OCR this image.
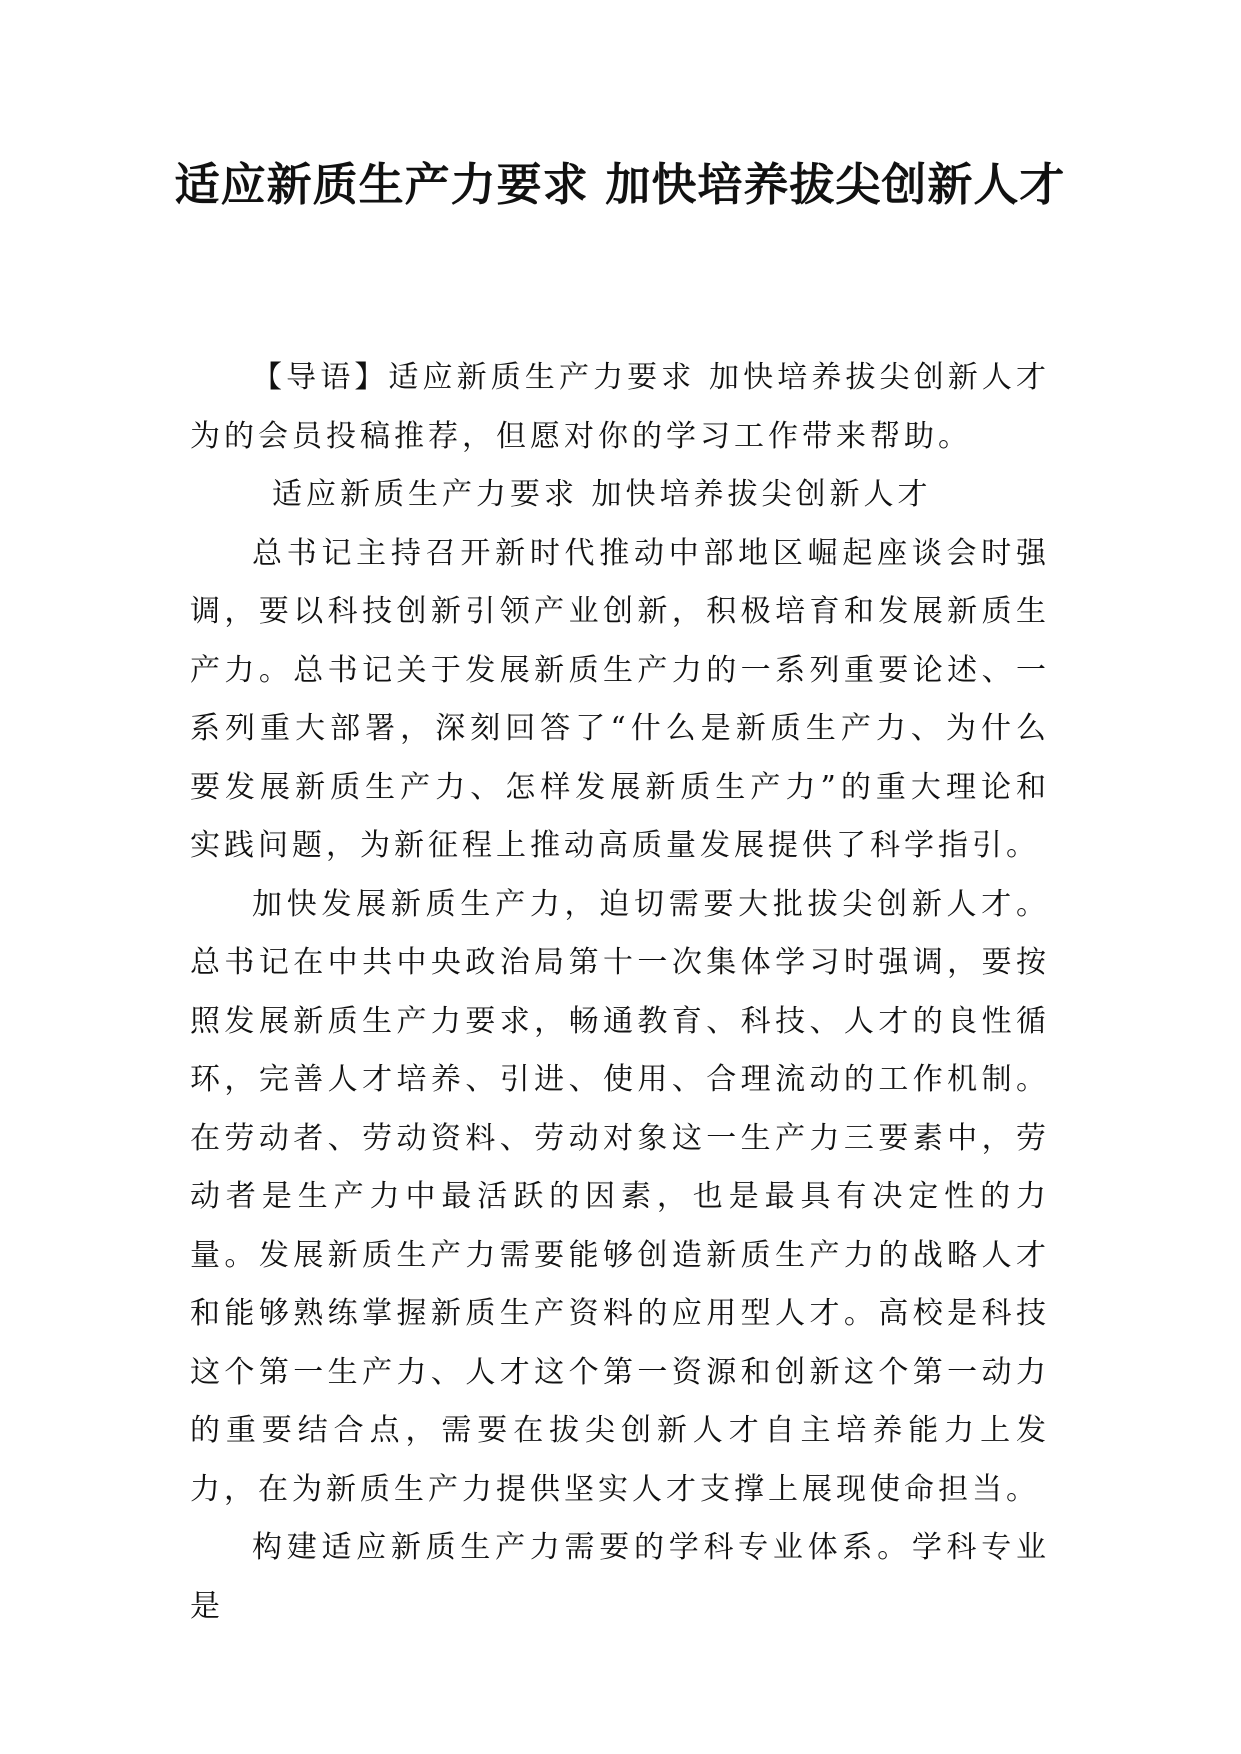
适应新质生产力要求 加快培养拔尖创新人才

【导语】适应新质生产力要求 加快培养拔尖创新人才为的会员投稿推荐，但愿对你的学习工作带来帮助。

适应新质生产力要求 加快培养拔尖创新人才

总书记主持召开新时代推动中部地区崛起座谈会时强调，要以科技创新引领产业创新，积极培育和发展新质生产力。总书记关于发展新质生产力的一系列重要论述、一系列重大部署，深刻回答了“什么是新质生产力、为什么要发展新质生产力、怎样发展新质生产力”的重大理论和实践问题，为新征程上推动高质量发展提供了科学指引。

加快发展新质生产力，迫切需要大批拔尖创新人才。总书记在中共中央政治局第十一次集体学习时强调，要按照发展新质生产力要求，畅通教育、科技、人才的良性循环，完善人才培养、引进、使用、合理流动的工作机制。在劳动者、劳动资料、劳动对象这一生产力三要素中，劳动者是生产力中最活跃的因素，也是最具有决定性的力量。发展新质生产力需要能够创造新质生产力的战略人才和能够熟练掌握新质生产资料的应用型人才。高校是科技这个第一生产力、人才这个第一资源和创新这个第一动力的重要结合点，需要在拔尖创新人才自主培养能力上发力，在为新质生产力提供坚实人才支撑上展现使命担当。

构建适应新质生产力需要的学科专业体系。学科专业是
